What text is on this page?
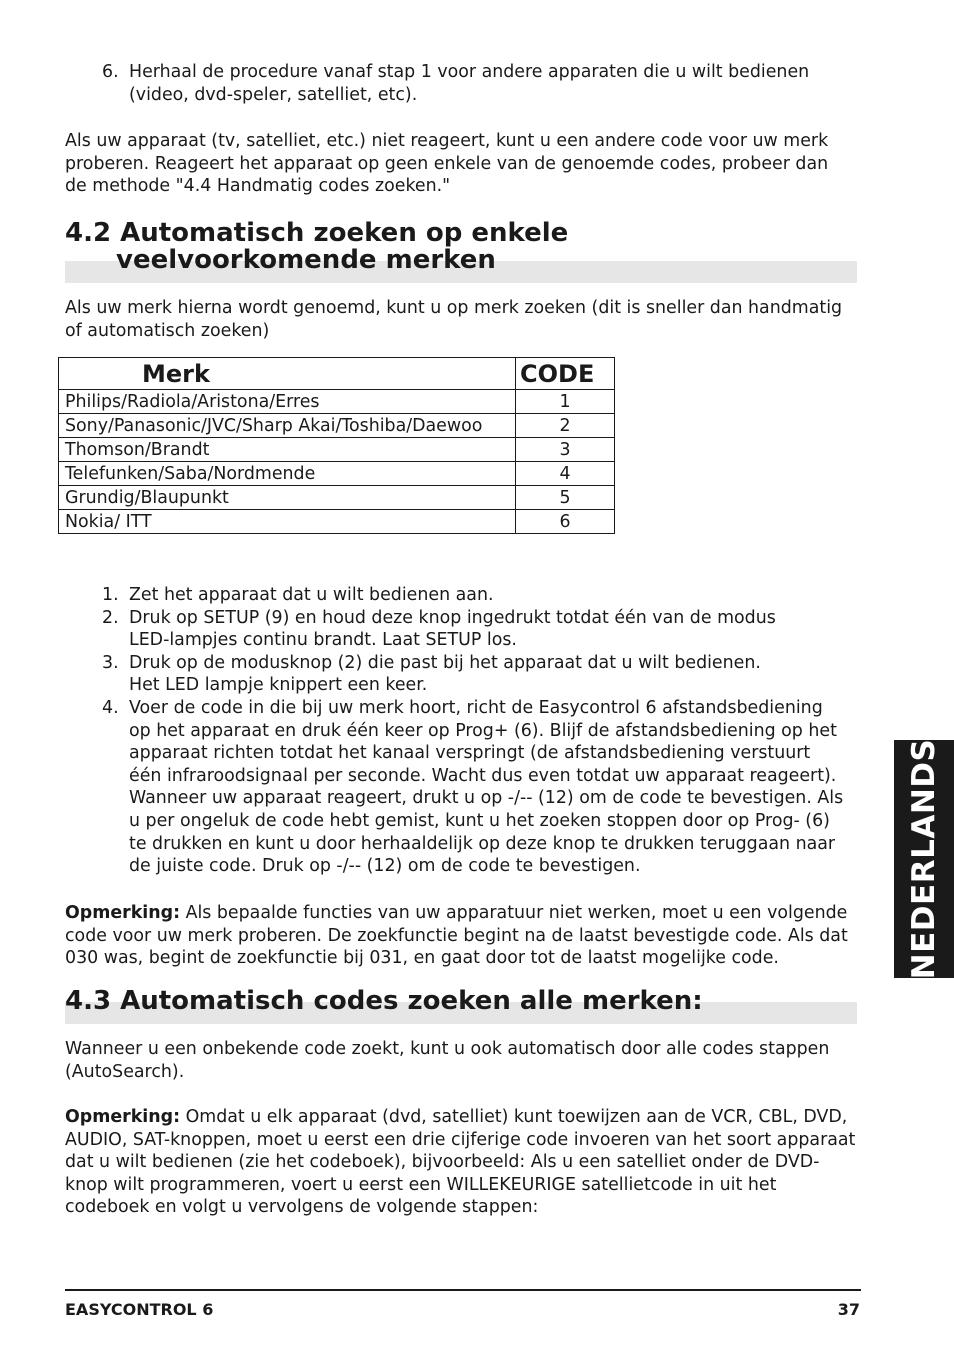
6. Herhaal de procedure vanaf stap 1 voor andere apparaten die u wilt bedienen (video, dvd-speler, satelliet, etc).

Als uw apparaat (tv, satelliet, etc.) niet reageert, kunt u een andere code voor uw merk proberen. Reageert het apparaat op geen enkele van de genoemde codes, probeer dan de methode "4.4 Handmatig codes zoeken."

4.2 Automatisch zoeken op enkele
veelvoorkomende merken

Als uw merk hierna wordt genoemd, kunt u op merk zoeken (dit is sneller dan handmatig of automatisch zoeken)

Merk	CODE
Philips/Radiola/Aristona/Erres	1
Sony/Panasonic/JVC/Sharp Akai/Toshiba/Daewoo	2
Thomson/Brandt	3
Telefunken/Saba/Nordmende	4
Grundig/Blaupunkt	5
Nokia/ ITT	6
1. Zet het apparaat dat u wilt bedienen aan.
2. Druk op SETUP (9) en houd deze knop ingedrukt totdat één van de modus LED-lampjes continu brandt. Laat SETUP los.
3. Druk op de modusknop (2) die past bij het apparaat dat u wilt bedienen. Het LED lampje knippert een keer.
4. Voer de code in die bij uw merk hoort, richt de Easycontrol 6 afstandsbediening op het apparaat en druk één keer op Prog+ (6). Blijf de afstandsbediening op het apparaat richten totdat het kanaal verspringt (de afstandsbediening verstuurt één infraroodsignaal per seconde. Wacht dus even totdat uw apparaat reageert). Wanneer uw apparaat reageert, drukt u op -/-- (12) om de code te bevestigen. Als u per ongeluk de code hebt gemist, kunt u het zoeken stoppen door op Prog- (6) te drukken en kunt u door herhaaldelijk op deze knop te drukken teruggaan naar de juiste code. Druk op -/-- (12) om de code te bevestigen.

Opmerking: Als bepaalde functies van uw apparatuur niet werken, moet u een volgende code voor uw merk proberen. De zoekfunctie begint na de laatst bevestigde code. Als dat 030 was, begint de zoekfunctie bij 031, en gaat door tot de laatst mogelijke code.

4.3 Automatisch codes zoeken alle merken:

Wanneer u een onbekende code zoekt, kunt u ook automatisch door alle codes stappen (AutoSearch).

Opmerking: Omdat u elk apparaat (dvd, satelliet) kunt toewijzen aan de VCR, CBL, DVD, AUDIO, SAT-knoppen, moet u eerst een drie cijferige code invoeren van het soort apparaat dat u wilt bedienen (zie het codeboek), bijvoorbeeld: Als u een satelliet onder de DVD-knop wilt programmeren, voert u eerst een WILLEKEURIGE satellietcode in uit het codeboek en volgt u vervolgens de volgende stappen:

NEDERLANDS
EASYCONTROL 6	37
